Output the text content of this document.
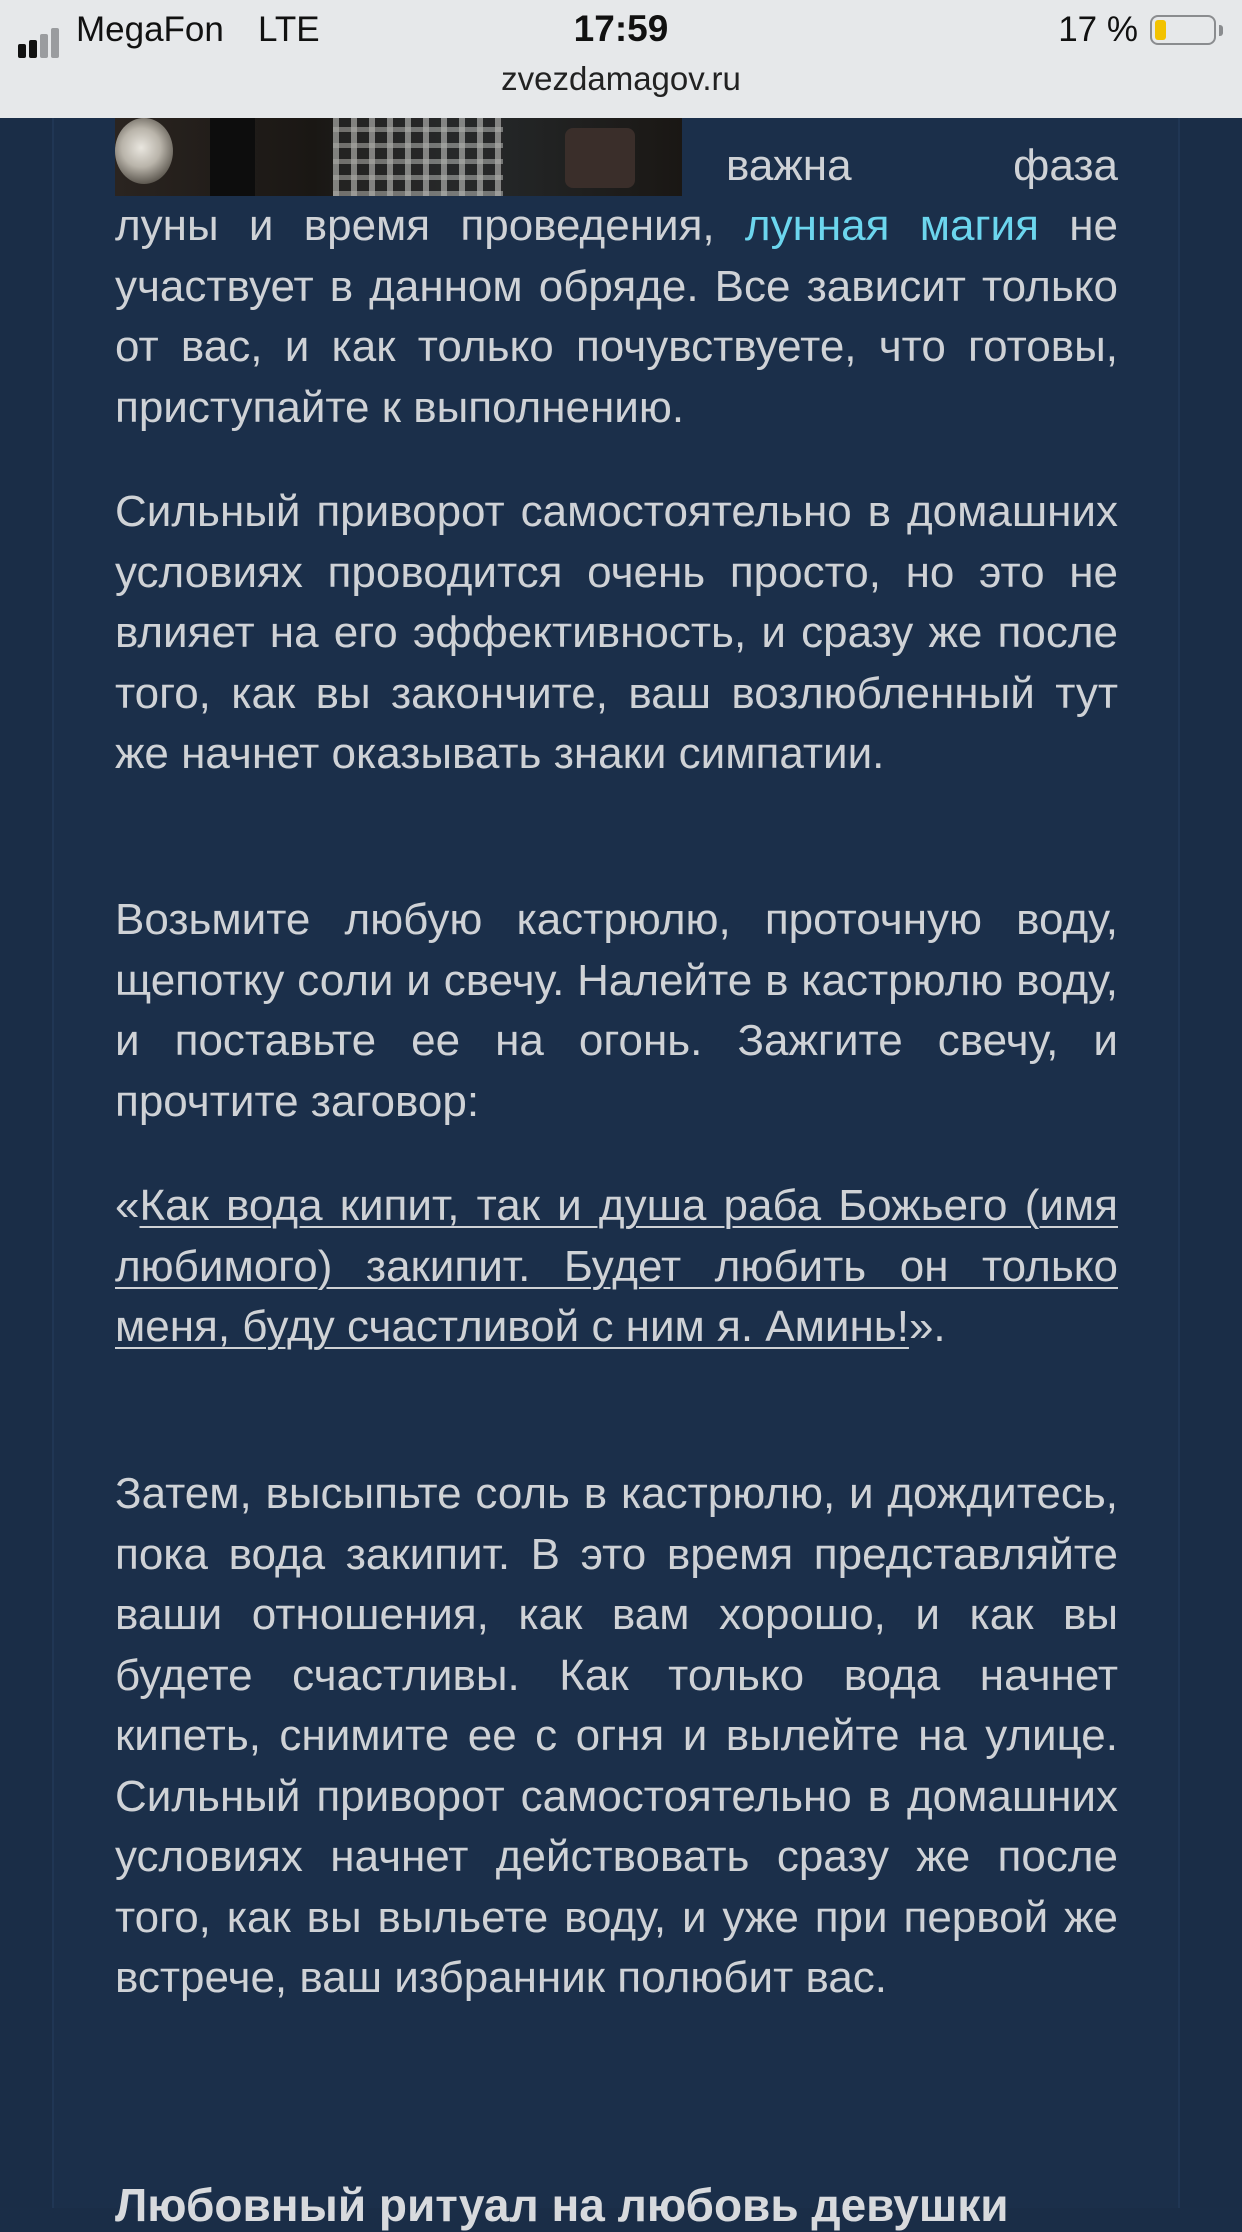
важна	фаза

луны и время проведения, лунная магия не участвует в данном обряде. Все зависит только от вас, и как только почувствуете, что готовы, приступайте к выполнению.

Сильный приворот самостоятельно в домашних условиях проводится очень просто, но это не влияет на его эффективность, и сразу же после того, как вы закончите, ваш возлюбленный тут же начнет оказывать знаки симпатии.

Возьмите любую кастрюлю, проточную воду, щепотку соли и свечу. Налейте в кастрюлю воду, и поставьте ее на огонь. Зажгите свечу, и прочтите заговор:

«Как вода кипит, так и душа раба Божьего (имя любимого) закипит. Будет любить он только меня, буду счастливой с ним я. Аминь!».

Затем, высыпьте соль в кастрюлю, и дождитесь, пока вода закипит. В это время представляйте ваши отношения, как вам хорошо, и как вы будете счастливы. Как только вода начнет кипеть, снимите ее с огня и вылейте на улице. Сильный приворот самостоятельно в домашних условиях начнет действовать сразу же после того, как вы выльете воду, и уже при первой же встрече, ваш избранник полюбит вас.

Любовный ритуал на любовь девушки
MegaFon LTE	17:59	17 %
zvezdamagov.ru
